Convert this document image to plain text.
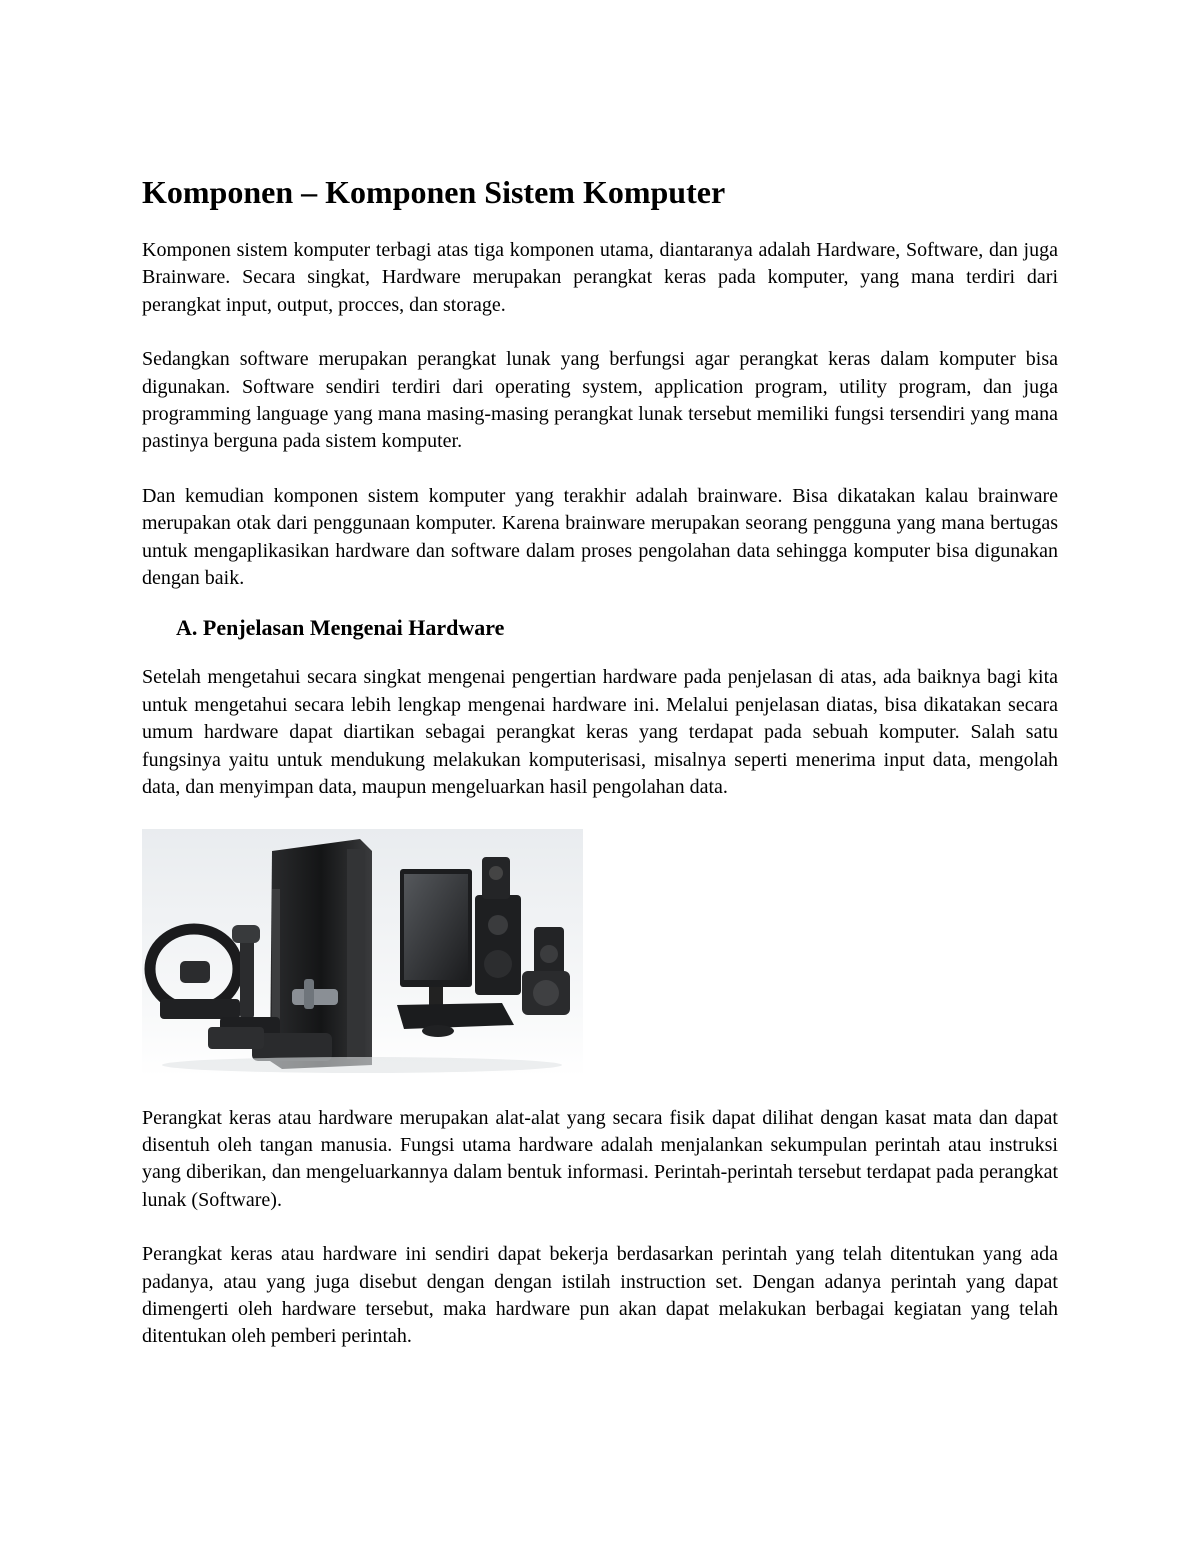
Komponen – Komponen Sistem Komputer

Komponen sistem komputer terbagi atas tiga komponen utama, diantaranya adalah Hardware, Software, dan juga Brainware. Secara singkat, Hardware merupakan perangkat keras pada komputer, yang mana terdiri dari perangkat input, output, procces, dan storage.

Sedangkan software merupakan perangkat lunak yang berfungsi agar perangkat keras dalam komputer bisa digunakan. Software sendiri terdiri dari operating system, application program, utility program, dan juga programming language yang mana masing-masing perangkat lunak tersebut memiliki fungsi tersendiri yang mana pastinya berguna pada sistem komputer.

Dan kemudian komponen sistem komputer yang terakhir adalah brainware. Bisa dikatakan kalau brainware merupakan otak dari penggunaan komputer. Karena brainware merupakan seorang pengguna yang mana bertugas untuk mengaplikasikan hardware dan software dalam proses pengolahan data sehingga komputer bisa digunakan dengan baik.

A. Penjelasan Mengenai Hardware

Setelah mengetahui secara singkat mengenai pengertian hardware pada penjelasan di atas, ada baiknya bagi kita untuk mengetahui secara lebih lengkap mengenai hardware ini. Melalui penjelasan diatas, bisa dikatakan secara umum hardware dapat diartikan sebagai perangkat keras yang terdapat pada sebuah komputer. Salah satu fungsinya yaitu untuk mendukung melakukan komputerisasi, misalnya seperti menerima input data, mengolah data, dan menyimpan data, maupun mengeluarkan hasil pengolahan data.

Perangkat keras atau hardware merupakan alat-alat yang secara fisik dapat dilihat dengan kasat mata dan dapat disentuh oleh tangan manusia. Fungsi utama hardware adalah menjalankan sekumpulan perintah atau instruksi yang diberikan, dan mengeluarkannya dalam bentuk informasi. Perintah-perintah tersebut terdapat pada perangkat lunak (Software).

Perangkat keras atau hardware ini sendiri dapat bekerja berdasarkan perintah yang telah ditentukan yang ada padanya, atau yang juga disebut dengan dengan istilah instruction set. Dengan adanya perintah yang dapat dimengerti oleh hardware tersebut, maka hardware pun akan dapat melakukan berbagai kegiatan yang telah ditentukan oleh pemberi perintah.
